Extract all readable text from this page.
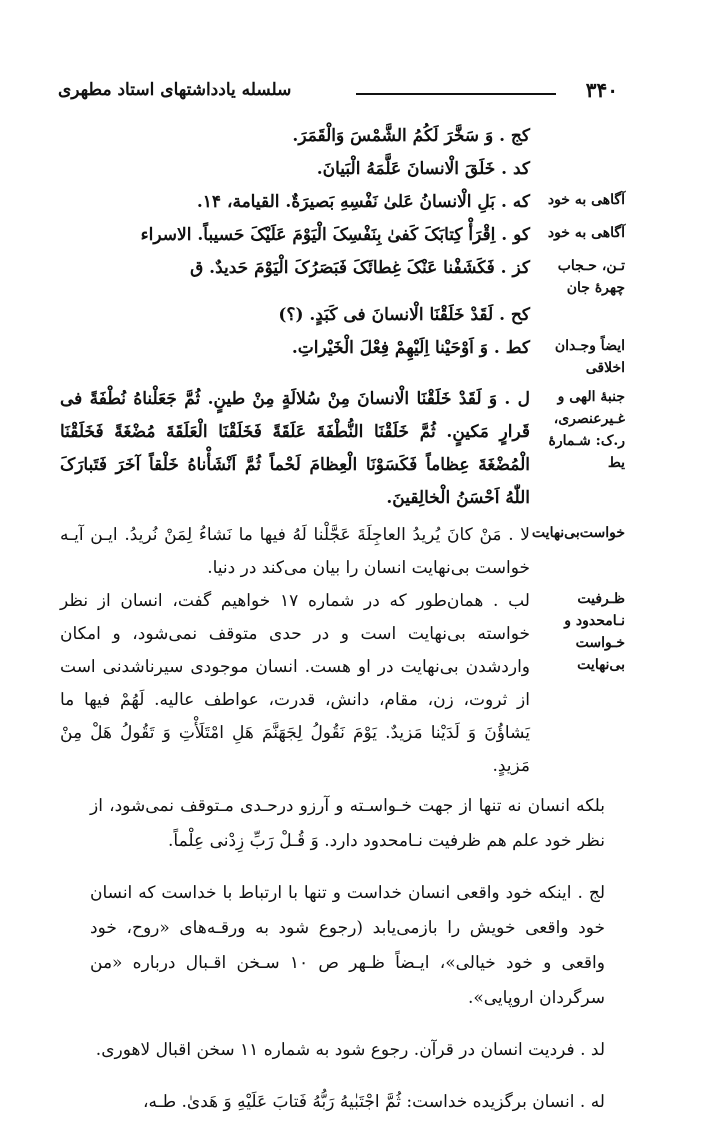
۳۴۰
سلسله یادداشتهای استاد مطهری
کج . وَ سَخَّرَ لَکُمُ الشَّمْسَ وَالْقَمَرَ.
کد . خَلَقَ الْانسانَ عَلَّمَهُ الْبَیانَ.
آگاهی به خود
که . بَلِ الْانسانُ عَلیٰ نَفْسِهِ بَصیرَةٌ. القیامة، ۱۴.
آگاهی به خود
کو . اِقْرَأْ کِتابَکَ کَفیٰ بِنَفْسِکَ الْیَوْمَ عَلَیْکَ حَسیباً. الاسراء
تـن، حـجاب چهرهٔ جان
کز . فَکَشَفْنا عَنْکَ غِطائَکَ فَبَصَرُکَ الْیَوْمَ حَدیدٌ. ق
کح . لَقَدْ خَلَقْنَا الْانسانَ فی کَبَدٍ. (؟)
ایضاً وجـدان اخلاقی
کط . وَ اَوْحَیْنا اِلَیْهِمْ فِعْلَ الْخَیْراتِ.
جنبهٔ الهی و غـیرعنصری، ر.ک: شـمارهٔ یط
ل . وَ لَقَدْ خَلَقْنَا الْانسانَ مِنْ سُلالَةٍ مِنْ طینٍ. ثُمَّ جَعَلْناهُ نُطْفَةً فی قَرارٍ مَکینٍ. ثُمَّ خَلَقْنَا النُّطْفَةَ عَلَقَةً فَخَلَقْنَا الْعَلَقَةَ مُضْغَةً فَخَلَقْنَا الْمُضْغَةَ عِظاماً فَکَسَوْنَا الْعِظامَ لَحْماً ثُمَّ اَنْشَأْناهُ خَلْقاً آخَرَ فَتَبارَکَ اللّٰهُ اَحْسَنُ الْخالِقینَ.
خواست‌بی‌نهایت
لا . مَنْ کانَ یُریدُ العاجِلَةَ عَجَّلْنا لَهُ فیها ما نَشاءُ لِمَنْ نُریدُ. ایـن آیـه خواست بی‌نهایت انسان را بیان می‌کند در دنیا.
ظـرفیت نـامحدود و خـواست بی‌نهایت
لب . همان‌طور که در شماره ۱۷ خواهیم گفت، انسان از نظر خواسته بی‌نهایت است و در حدی متوقف نمی‌شود، و امکان واردشدن بی‌نهایت در او هست. انسان موجودی سیرناشدنی است از ثروت، زن، مقام، دانش، قدرت، عواطف عالیه. لَهُمْ فیها ما یَشاؤُنَ وَ لَدَیْنا مَزیدٌ. یَوْمَ نَقُولُ لِجَهَنَّمَ هَلِ امْتَلَأْتِ وَ تَقُولُ هَلْ مِنْ مَزیدٍ.

بلکه انسان نه تنها از جهت خـواسـته و آرزو درحـدی مـتوقف نمی‌شود، از نظر خود علم هم ظرفیت نـامحدود دارد. وَ قُـلْ رَبِّ زِدْنی عِلْماً.

لج . اینکه خود واقعی انسان خداست و تنها با ارتباط با خداست که انسان خود واقعی خویش را بازمی‌یابد (رجوع شود به ورقـه‌های «روح، خود واقعی و خود خیالی»، ایـضاً ظـهر ص ۱۰ سـخن اقـبال درباره «من سرگردان اروپایی».

لد . فردیت انسان در قرآن. رجوع شود به شماره ۱۱ سخن اقبال لاهوری.

له . انسان برگزیده خداست: ثُمَّ اجْتَبٰیهُ رَبُّهُ فَتابَ عَلَیْهِ وَ هَدیٰ. طـه،
